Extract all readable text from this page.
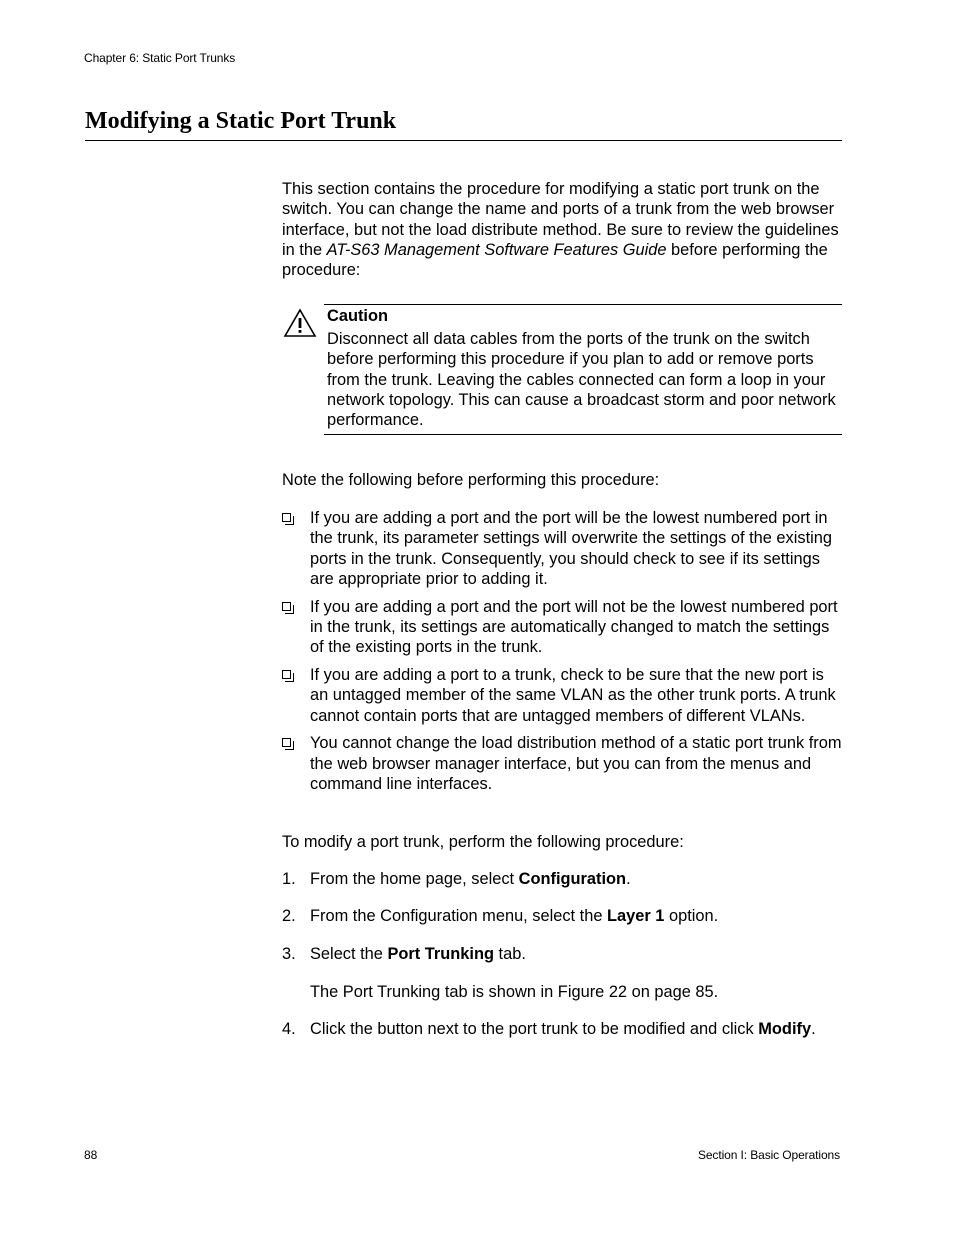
Chapter 6: Static Port Trunks
Modifying a Static Port Trunk

This section contains the procedure for modifying a static port trunk on the switch. You can change the name and ports of a trunk from the web browser interface, but not the load distribute method. Be sure to review the guidelines in the AT-S63 Management Software Features Guide before performing the procedure:

Caution

Disconnect all data cables from the ports of the trunk on the switch before performing this procedure if you plan to add or remove ports from the trunk. Leaving the cables connected can form a loop in your network topology. This can cause a broadcast storm and poor network performance.

Note the following before performing this procedure:

If you are adding a port and the port will be the lowest numbered port in the trunk, its parameter settings will overwrite the settings of the existing ports in the trunk. Consequently, you should check to see if its settings are appropriate prior to adding it.
If you are adding a port and the port will not be the lowest numbered port in the trunk, its settings are automatically changed to match the settings of the existing ports in the trunk.
If you are adding a port to a trunk, check to be sure that the new port is an untagged member of the same VLAN as the other trunk ports. A trunk cannot contain ports that are untagged members of different VLANs.
You cannot change the load distribution method of a static port trunk from the web browser manager interface, but you can from the menus and command line interfaces.

To modify a port trunk, perform the following procedure:

1. From the home page, select Configuration.
2. From the Configuration menu, select the Layer 1 option.
3. Select the Port Trunking tab.

The Port Trunking tab is shown in Figure 22 on page 85.

4. Click the button next to the port trunk to be modified and click Modify.
88	Section I: Basic Operations
